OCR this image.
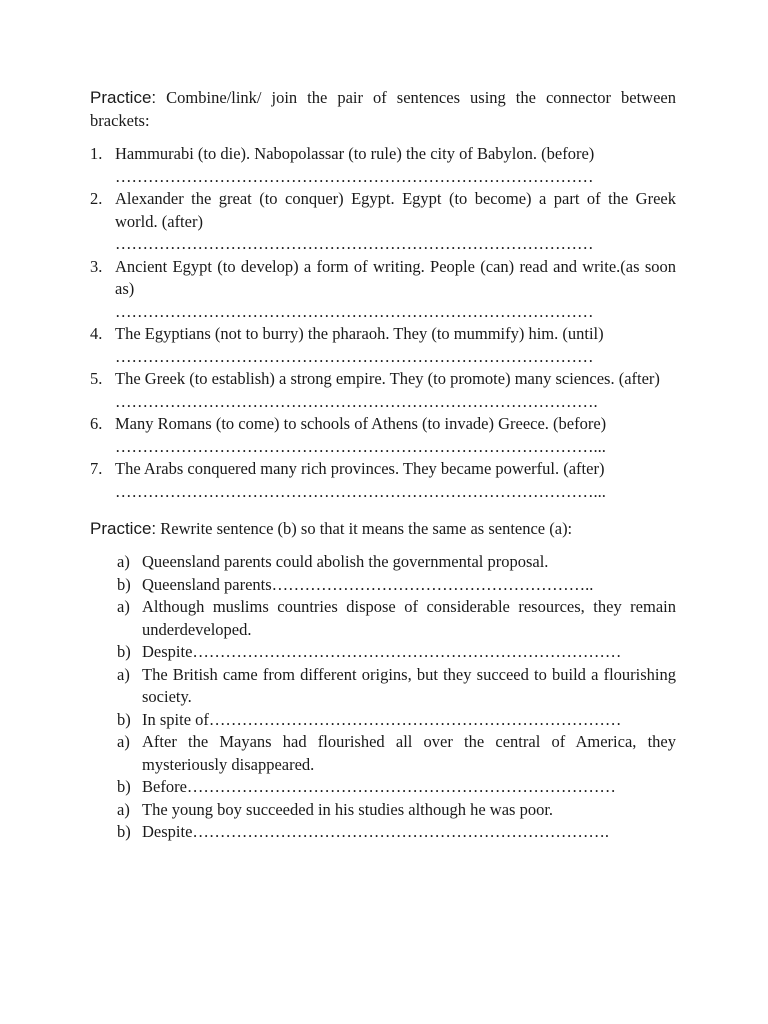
Practice: Combine/link/ join the pair of sentences using the connector between brackets:

1. Hammurabi (to die). Nabopolassar (to rule) the city of Babylon. (before)
……………………………………………………………………………
2. Alexander the great (to conquer) Egypt. Egypt (to become) a part of the Greek world. (after)
……………………………………………………………………………
3. Ancient Egypt (to develop) a form of writing. People (can) read and write.(as soon as)
……………………………………………………………………………
4. The Egyptians (not to burry) the pharaoh. They (to mummify) him. (until)
……………………………………………………………………………
5. The Greek (to establish) a strong empire. They (to promote) many sciences. (after)
…………………………………………………………………………….
6. Many Romans (to come) to schools of Athens (to invade) Greece. (before)
……………………………………………………………………………...
7. The Arabs conquered many rich provinces. They became powerful. (after)
……………………………………………………………………………...

Practice: Rewrite sentence (b) so that it means the same as sentence (a):

a) Queensland parents could abolish the governmental proposal.
b) Queensland parents…………………………………………………..
a) Although muslims countries dispose of considerable resources, they remain underdeveloped.
b) Despite……………………………………………………………………
a) The British came from different origins, but they succeed to build a flourishing society.
b) In spite of…………………………………………………………………
a) After the Mayans had flourished all over the central of America, they mysteriously disappeared.
b) Before……………………………………………………………………
a) The young boy succeeded in his studies although he was poor.
b) Despite………………………………………………………………….
